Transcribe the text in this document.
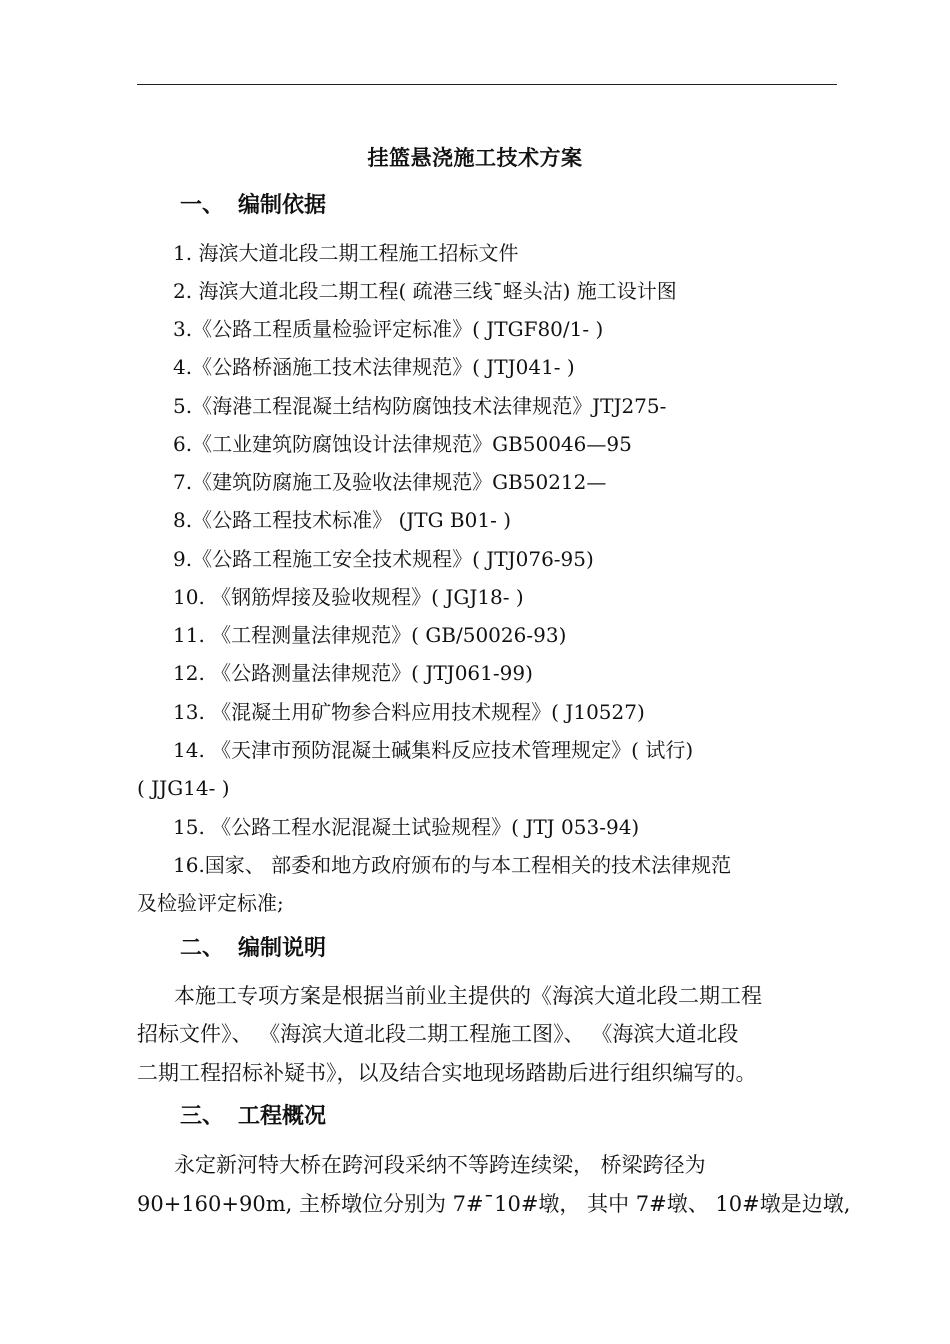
挂篮悬浇施工技术方案
一、 编制依据
1. 海滨大道北段二期工程施工招标文件
2. 海滨大道北段二期工程( 疏港三线¯蛏头沽) 施工设计图
3.《公路工程质量检验评定标准》( JTGF80/1- )
4.《公路桥涵施工技术法律规范》( JTJ041- )
5.《海港工程混凝土结构防腐蚀技术法律规范》JTJ275-
6.《工业建筑防腐蚀设计法律规范》GB50046—95
7.《建筑防腐施工及验收法律规范》GB50212—
8.《公路工程技术标准》 (JTG B01- )
9.《公路工程施工安全技术规程》( JTJ076-95)
10. 《钢筋焊接及验收规程》( JGJ18- )
11. 《工程测量法律规范》( GB/50026-93)
12. 《公路测量法律规范》( JTJ061-99)
13. 《混凝土用矿物参合料应用技术规程》( J10527)
14. 《天津市预防混凝土碱集料反应技术管理规定》( 试行)
( JJG14- )
15. 《公路工程水泥混凝土试验规程》( JTJ 053-94)
16.国家、 部委和地方政府颁布的与本工程相关的技术法律规范
及检验评定标准;
二、 编制说明
本施工专项方案是根据当前业主提供的《海滨大道北段二期工程
招标文件》、 《海滨大道北段二期工程施工图》、 《海滨大道北段
二期工程招标补疑书》，以及结合实地现场踏勘后进行组织编写的。
三、 工程概况
永定新河特大桥在跨河段采纳不等跨连续梁， 桥梁跨径为
90+160+90m, 主桥墩位分别为 7#¯10#墩， 其中 7#墩、 10#墩是边墩,
